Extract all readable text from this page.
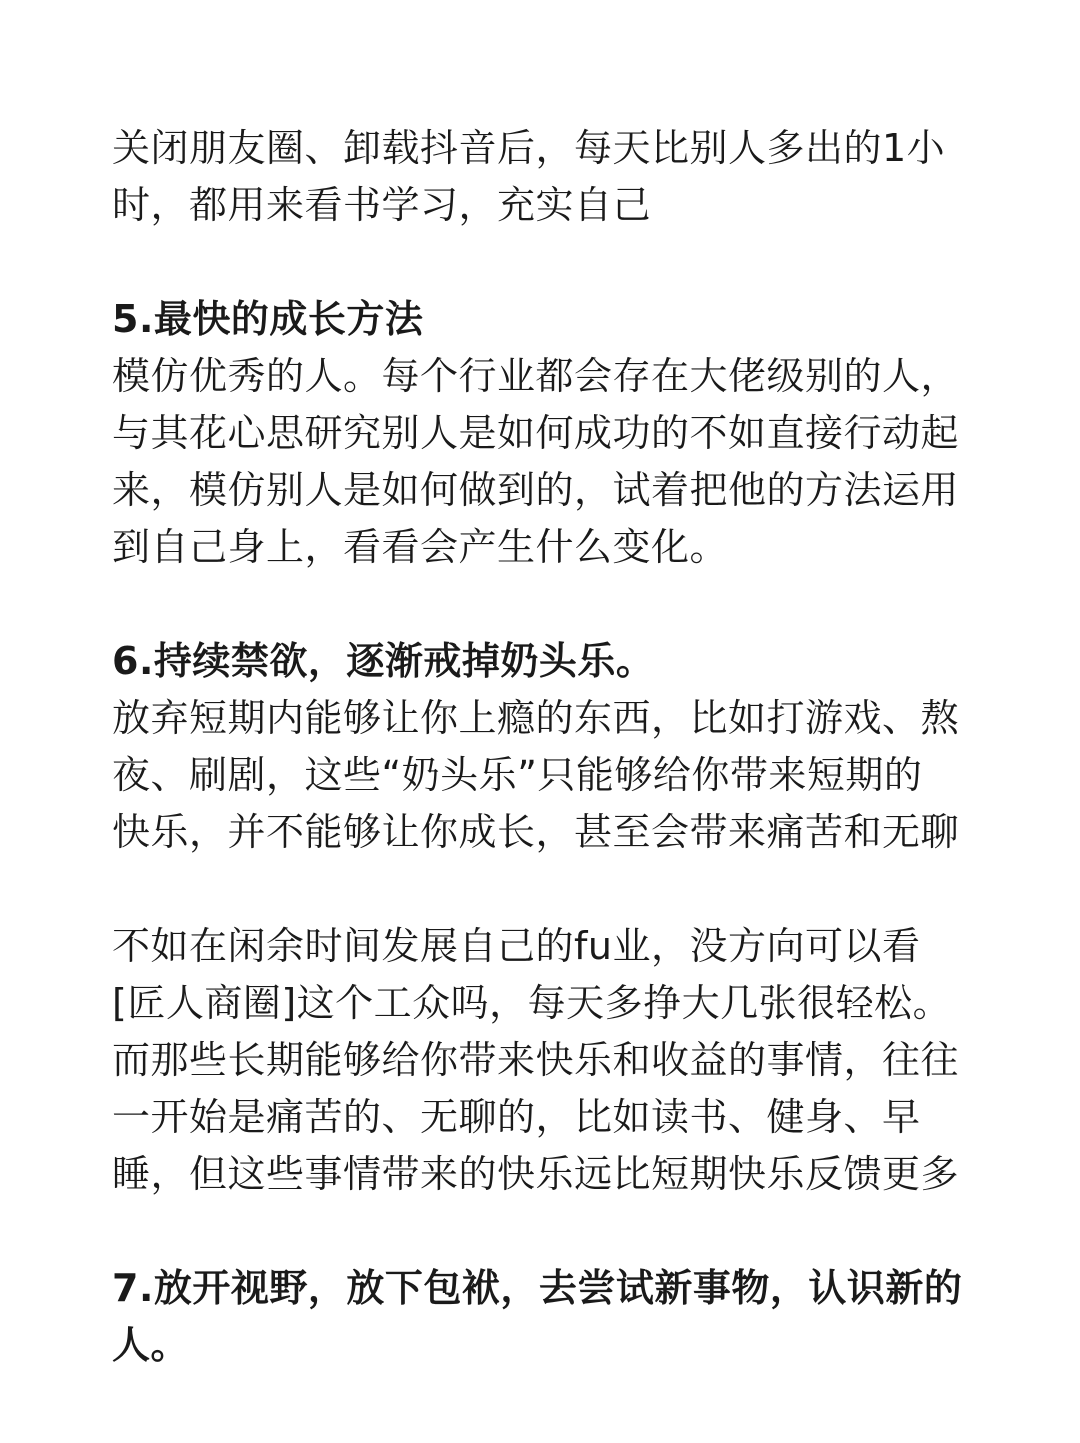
关闭朋友圈、卸载抖音后，每天比别人多出的1小
时，都用来看书学习，充实自己
5.最快的成长方法
模仿优秀的人。每个行业都会存在大佬级别的人，
与其花心思研究别人是如何成功的不如直接行动起
来，模仿别人是如何做到的，试着把他的方法运用
到自己身上，看看会产生什么变化。
6.持续禁欲，逐渐戒掉奶头乐。
放弃短期内能够让你上瘾的东西，比如打游戏、熬
夜、刷剧，这些“奶头乐”只能够给你带来短期的
快乐，并不能够让你成长，甚至会带来痛苦和无聊
不如在闲余时间发展自己的fu业，没方向可以看
[匠人商圈]这个工众吗，每天多挣大几张很轻松。
而那些长期能够给你带来快乐和收益的事情，往往
一开始是痛苦的、无聊的，比如读书、健身、早
睡，但这些事情带来的快乐远比短期快乐反馈更多
7.放开视野，放下包袱，去尝试新事物，认识新的
人。
